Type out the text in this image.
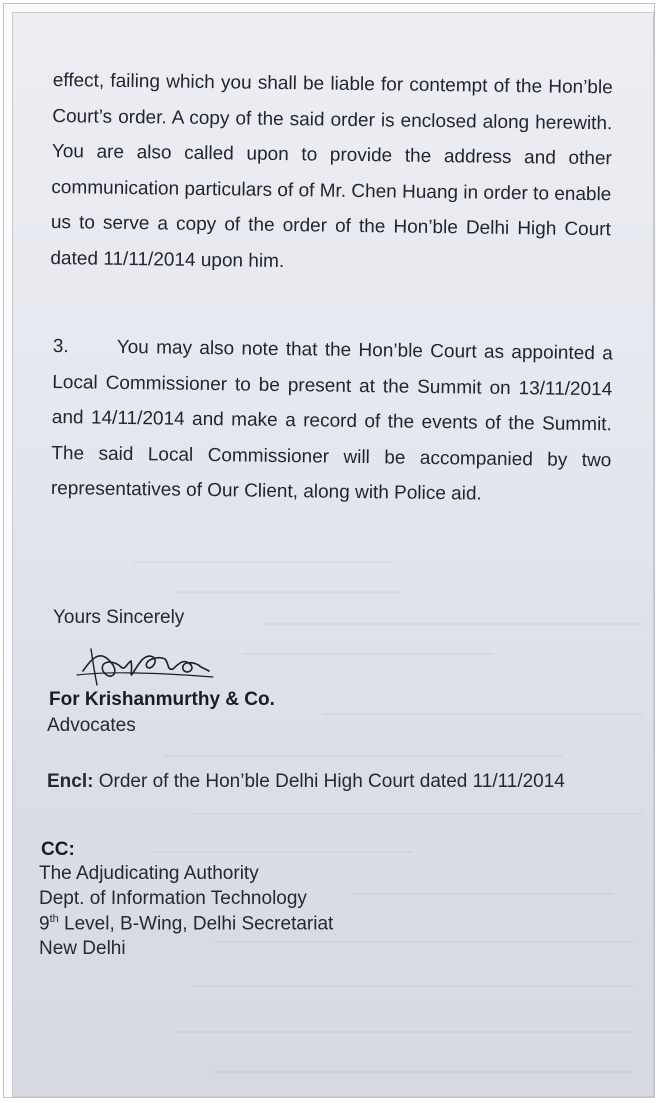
effect, failing which you shall be liable for contempt of the Hon’ble Court’s order. A copy of the said order is enclosed along herewith. You are also called upon to provide the address and other communication particulars of of Mr. Chen Huang in order to enable us to serve a copy of the order of the Hon’ble Delhi High Court dated 11/11/2014 upon him.
3.	You may also note that the Hon’ble Court as appointed a Local Commissioner to be present at the Summit on 13/11/2014 and 14/11/2014 and make a record of the events of the Summit. The said Local Commissioner will be accompanied by two representatives of Our Client, along with Police aid.
Yours Sincerely
For Krishanmurthy & Co.
Advocates
Encl: Order of the Hon’ble Delhi High Court dated 11/11/2014
CC:
The Adjudicating Authority
Dept. of Information Technology
9th Level, B-Wing, Delhi Secretariat
New Delhi
